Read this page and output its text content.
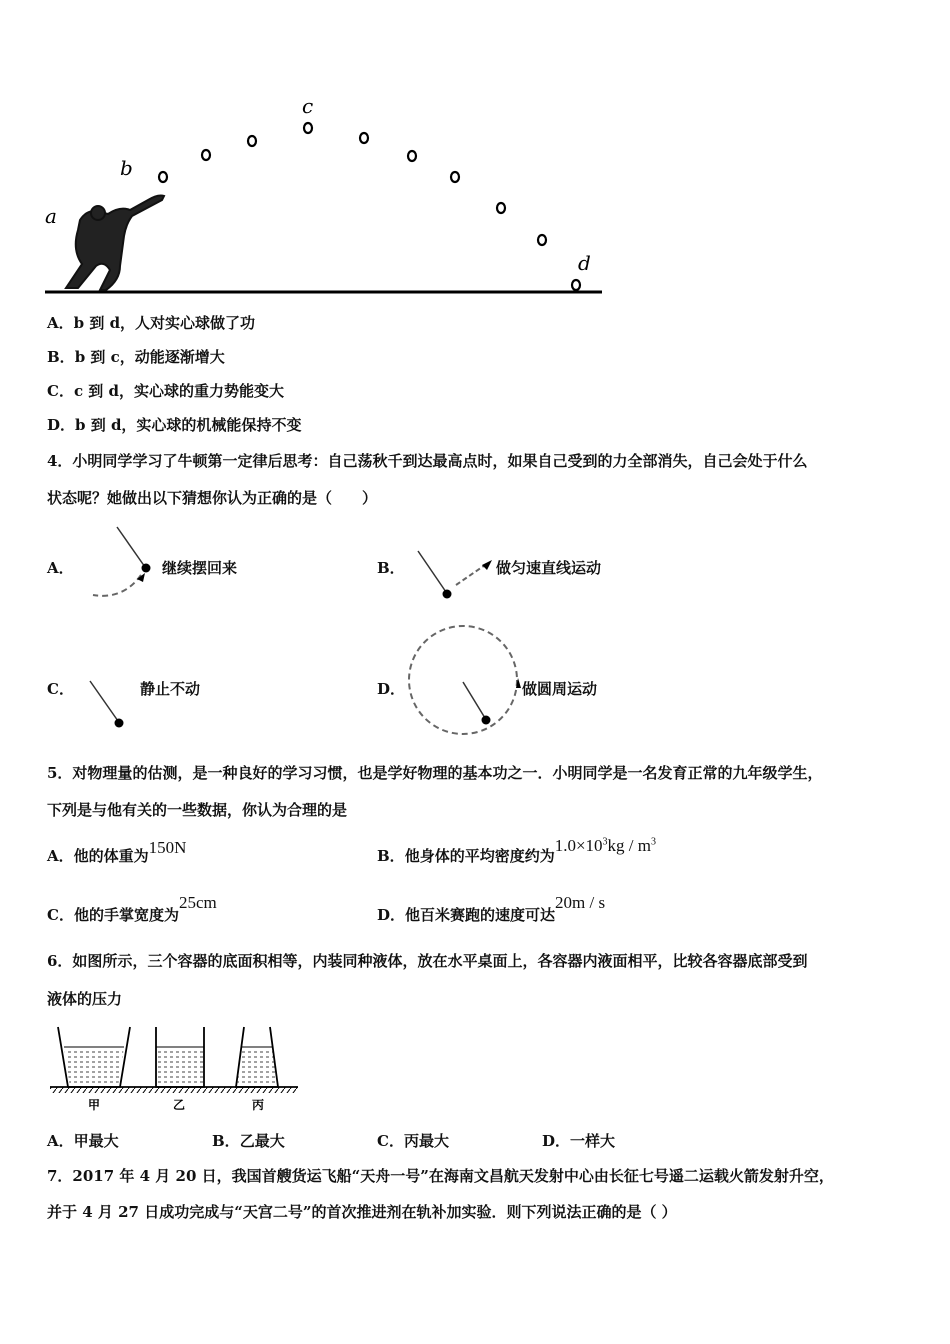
a
b
c
d
A．b 到 d，人对实心球做了功
B．b 到 c，动能逐渐增大
C．c 到 d，实心球的重力势能变大
D．b 到 d，实心球的机械能保持不变
4．小明同学学习了牛顿第一定律后思考：自己荡秋千到达最高点时，如果自己受到的力全部消失，自己会处于什么
状态呢？她做出以下猜想你认为正确的是（　　）
A．	继续摆回来	B．	做匀速直线运动
C．	静止不动	D．	做圆周运动
5．对物理量的估测，是一种良好的学习习惯，也是学好物理的基本功之一．小明同学是一名发育正常的九年级学生，
下列是与他有关的一些数据，你认为合理的是
A．他的体重为150N	B．他身体的平均密度约为$1.0\times 10^3kg / m^3$
C．他的手掌宽度为25cm
D．他百米赛跑的速度可达20m / s
6．如图所示，三个容器的底面积相等，内装同种液体，放在水平桌面上，各容器内液面相平，比较各容器底部受到
液体的压力
甲	乙	丙
A．甲最大	B．乙最大	C．丙最大	D．一样大
7．2017 年 4 月 20 日，我国首艘货运飞船“天舟一号”在海南文昌航天发射中心由长征七号遥二运载火箭发射升空，
并于 4 月 27 日成功完成与“天宫二号”的首次推进剂在轨补加实验．则下列说法正确的是（ ）
